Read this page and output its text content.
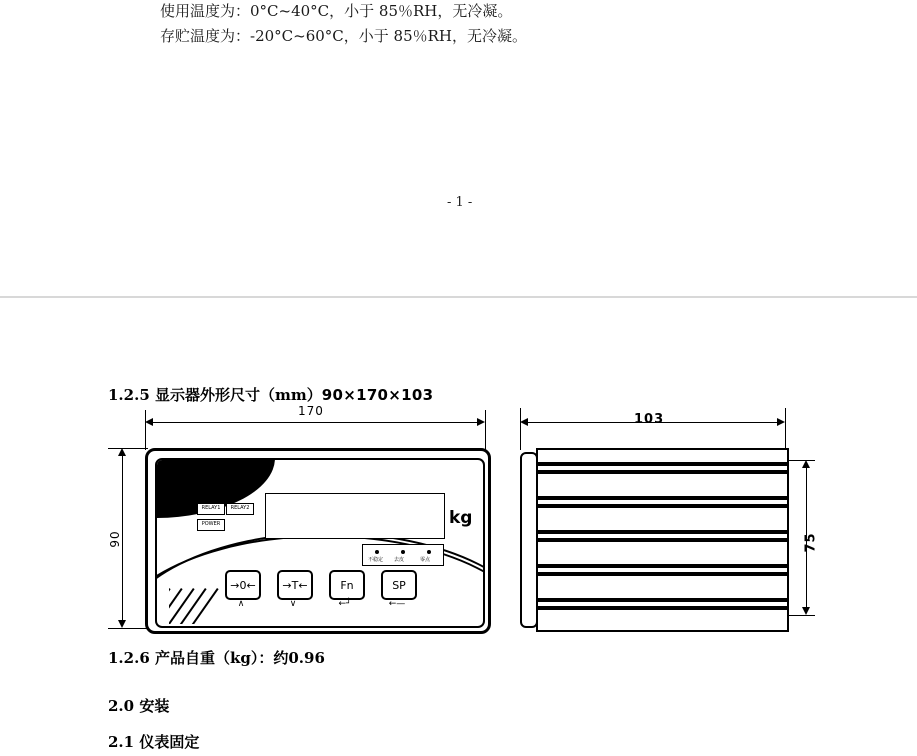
使用温度为：0°C~40°C，小于 85％RH，无冷凝。
存贮温度为：-20°C~60°C，小于 85％RH，无冷凝。
- 1 -
1.2.5 显示器外形尺寸（mm）90×170×103
170
90
RELAY1	RELAY2
POWER	kg
不稳定 去皮	零点
→0←	→T←	Fn	SP
∧	∨	←┘	←—
103
75
1.2.6 产品自重（kg）：约0.96
2.0 安装
2.1 仪表固定
